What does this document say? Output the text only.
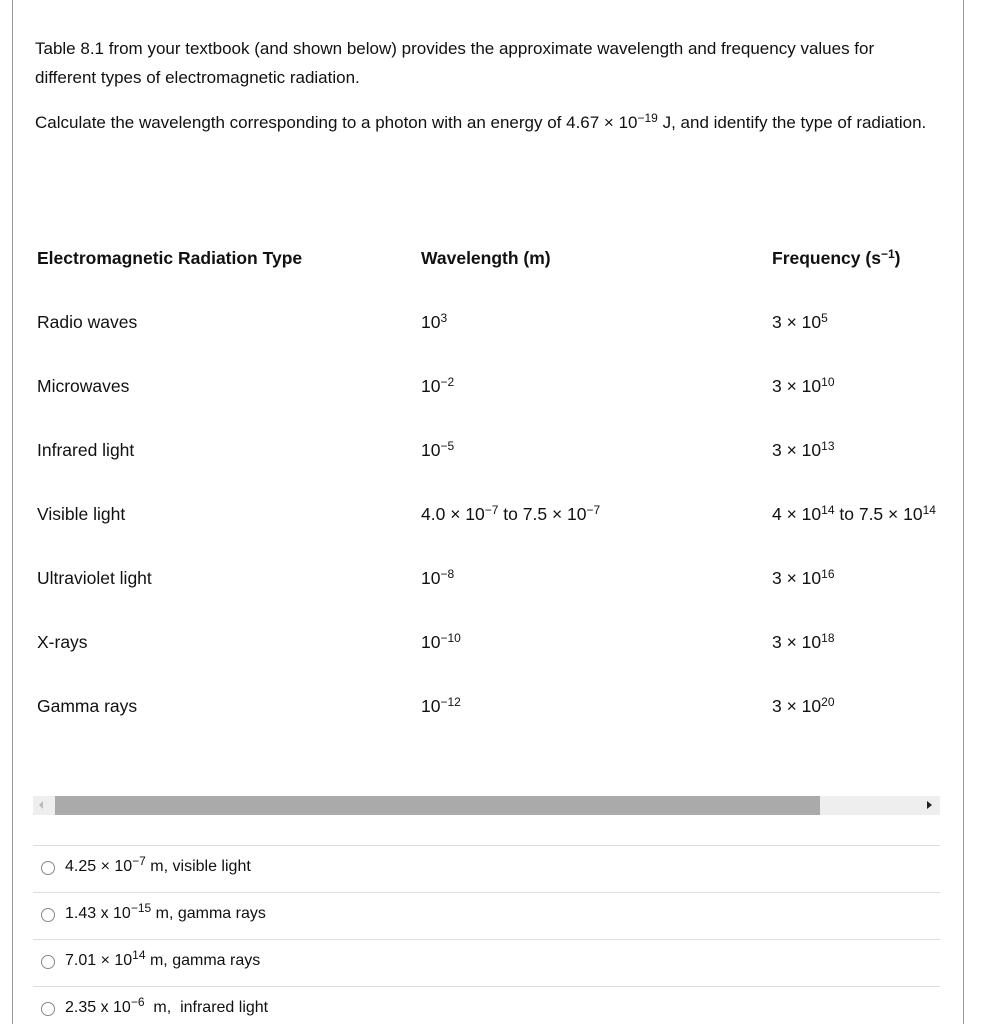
Table 8.1 from your textbook (and shown below) provides the approximate wavelength and frequency values for different types of electromagnetic radiation.
Calculate the wavelength corresponding to a photon with an energy of $4.67 \times 10^{-19}$ J, and identify the type of radiation.
Electromagnetic Radiation Type	Wavelength (m)	Frequency $(s^{-1})$
Radio waves	$10^3$	$3 \times 10^5$
Microwaves	$10^{-2}$	$3 \times 10^{10}$
Infrared light	$10^{-5}$	$3 \times 10^{13}$
Visible light	$4.0 \times 10^{-7}$ to $7.5 \times 10^{-7}$	$4 \times 10^{14}$ to $7.5 \times 10^{14}$
Ultraviolet light	$10^{-8}$	$3 \times 10^{16}$
X-rays	$10^{-10}$	$3 \times 10^{18}$
Gamma rays	$10^{-12}$	$3 \times 10^{20}$
$4.25 \times 10^{-7}$ m, visible light
1.43 x $10^{-15}$ m, gamma rays
$7.01 \times 10^{14}$ m, gamma rays
2.35 x $10^{-6}$  m,  infrared light
